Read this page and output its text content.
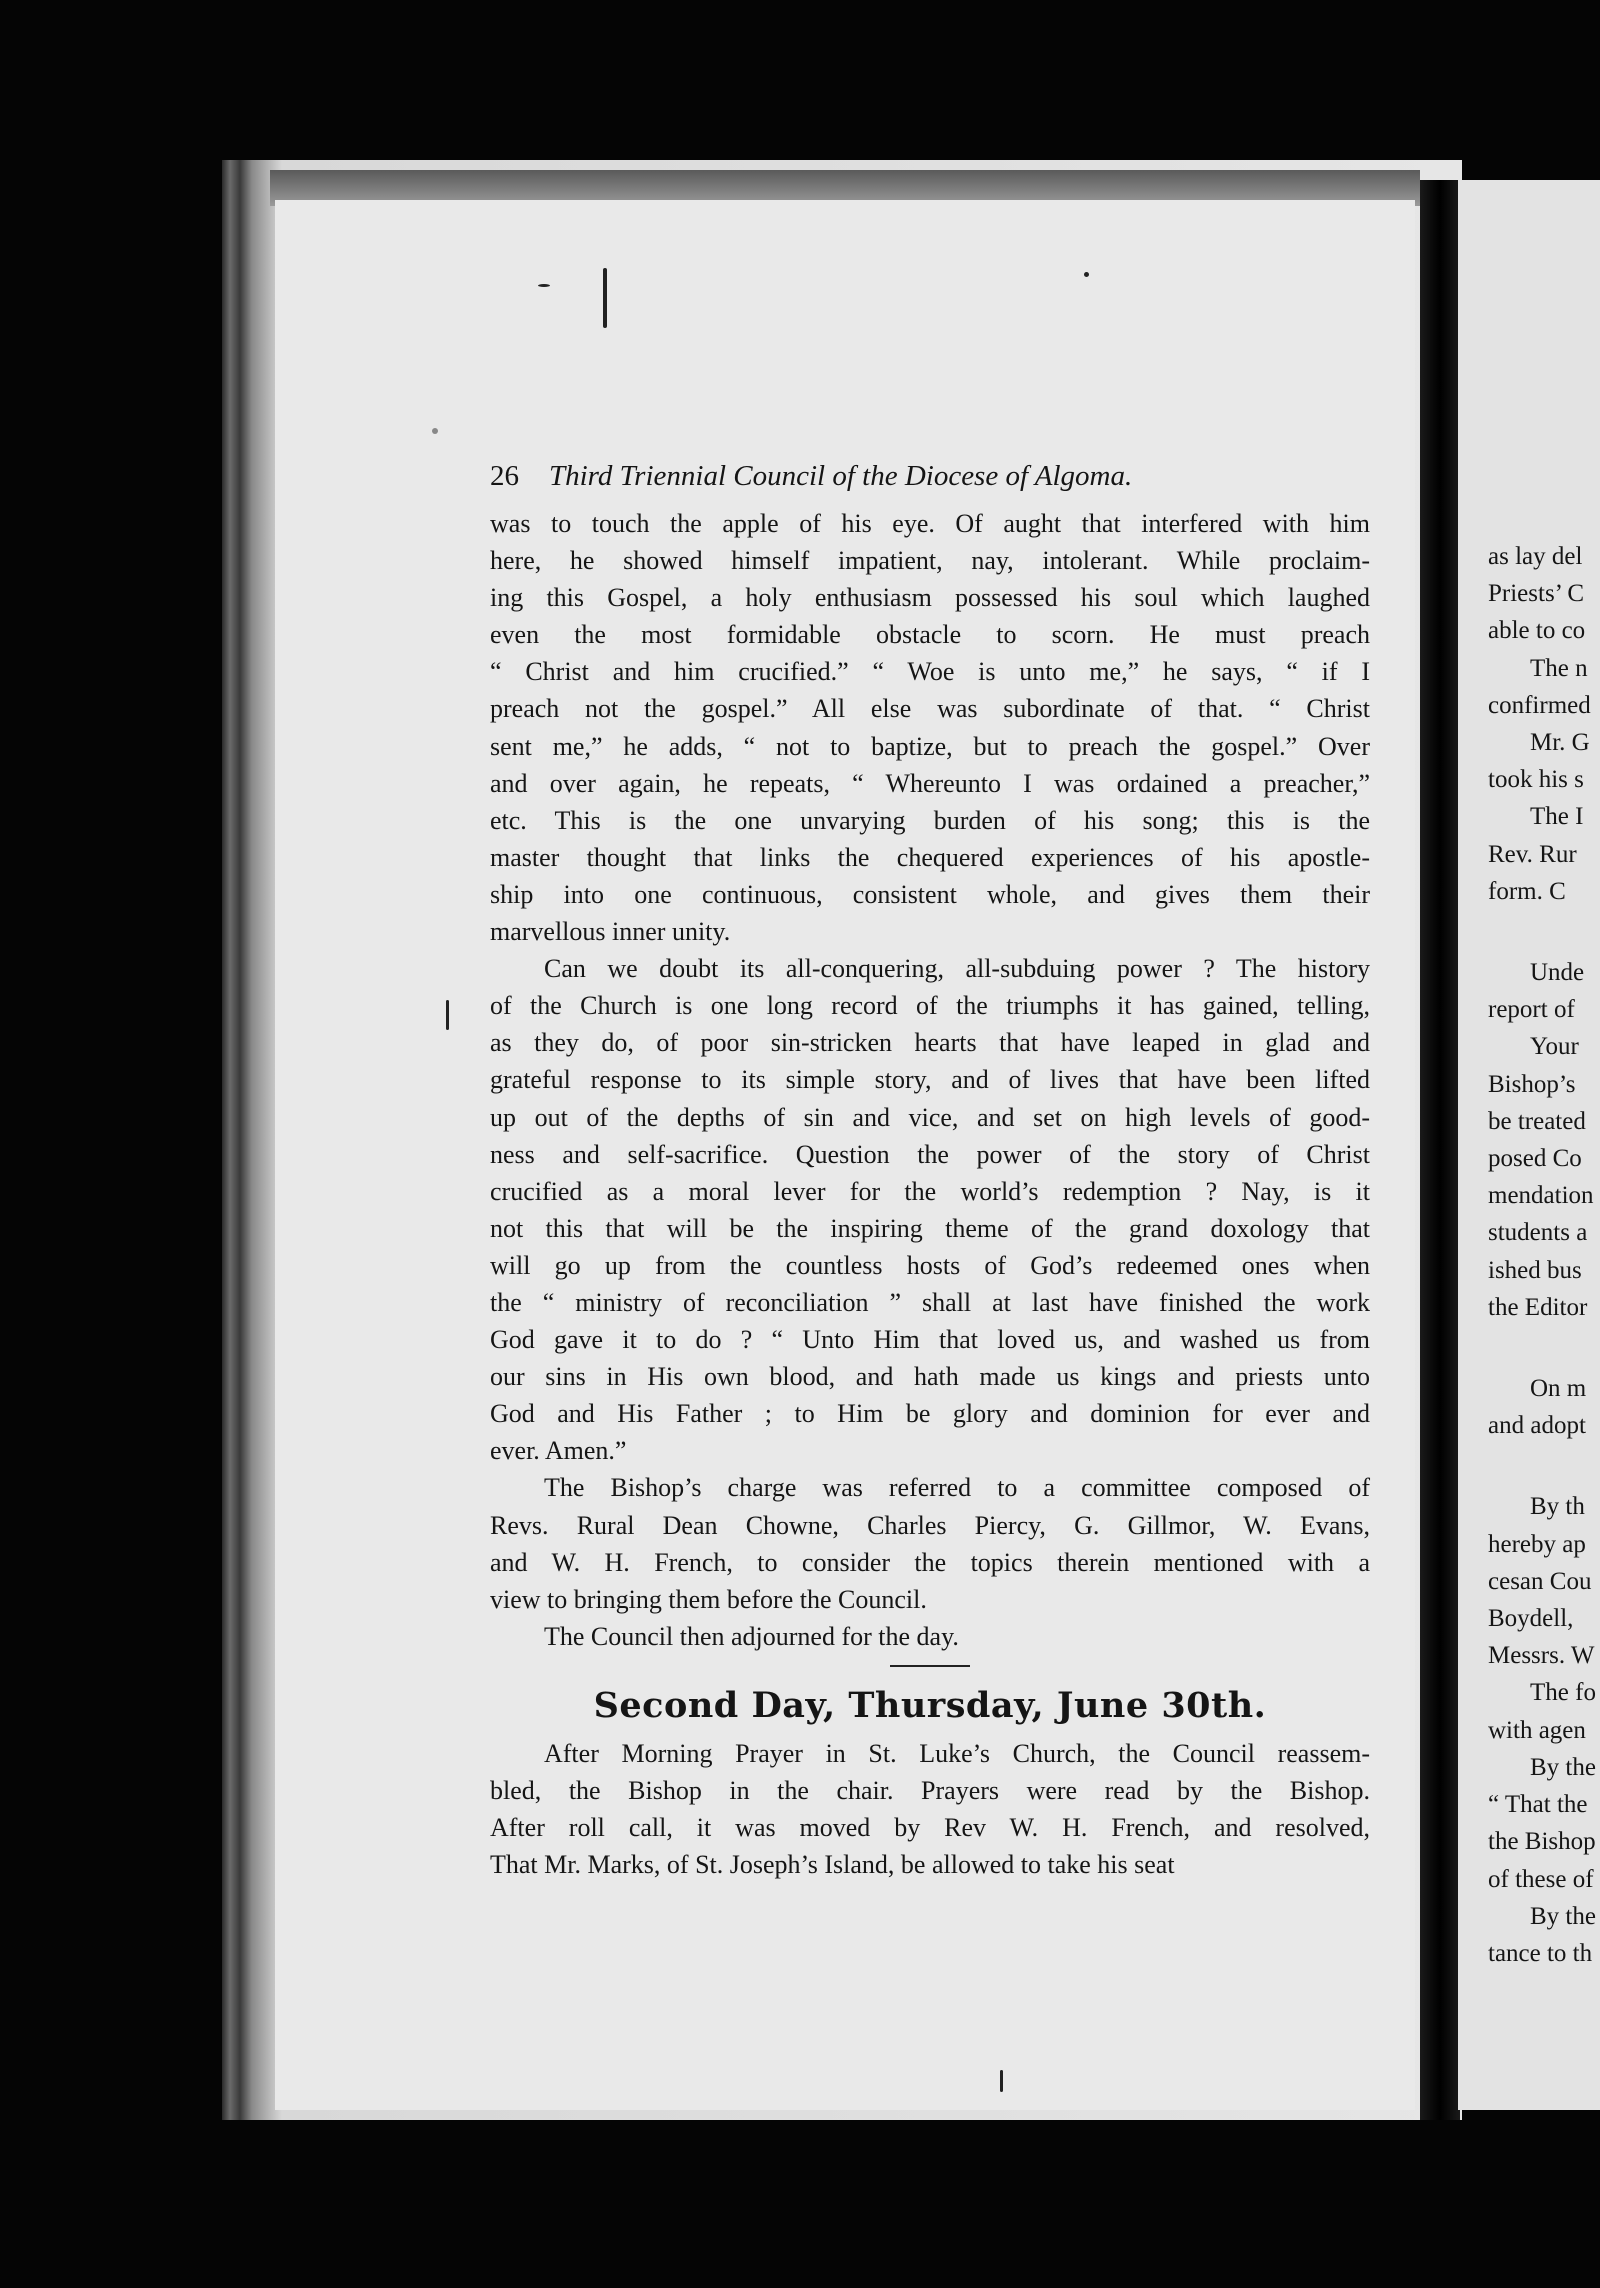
26 Third Triennial Council of the Diocese of Algoma.
was to touch the apple of his eye. Of aught that interfered with him
here, he showed himself impatient, nay, intolerant. While proclaim-
ing this Gospel, a holy enthusiasm possessed his soul which laughed
even the most formidable obstacle to scorn. He must preach
“ Christ and him crucified.” “ Woe is unto me,” he says, “ if I
preach not the gospel.” All else was subordinate of that. “ Christ
sent me,” he adds, “ not to baptize, but to preach the gospel.” Over
and over again, he repeats, “ Whereunto I was ordained a preacher,”
etc. This is the one unvarying burden of his song; this is the
master thought that links the chequered experiences of his apostle-
ship into one continuous, consistent whole, and gives them their
marvellous inner unity.
Can we doubt its all-conquering, all-subduing power ? The history
of the Church is one long record of the triumphs it has gained, telling,
as they do, of poor sin-stricken hearts that have leaped in glad and
grateful response to its simple story, and of lives that have been lifted
up out of the depths of sin and vice, and set on high levels of good-
ness and self-sacrifice. Question the power of the story of Christ
crucified as a moral lever for the world’s redemption ? Nay, is it
not this that will be the inspiring theme of the grand doxology that
will go up from the countless hosts of God’s redeemed ones when
the “ ministry of reconciliation ” shall at last have finished the work
God gave it to do ? “ Unto Him that loved us, and washed us from
our sins in His own blood, and hath made us kings and priests unto
God and His Father ; to Him be glory and dominion for ever and
ever. Amen.”
The Bishop’s charge was referred to a committee composed of
Revs. Rural Dean Chowne, Charles Piercy, G. Gillmor, W. Evans,
and W. H. French, to consider the topics therein mentioned with a
view to bringing them before the Council.
The Council then adjourned for the day.
Second Day, Thursday, June 30th.
After Morning Prayer in St. Luke’s Church, the Council reassem-
bled, the Bishop in the chair. Prayers were read by the Bishop.
After roll call, it was moved by Rev W. H. French, and resolved,
That Mr. Marks, of St. Joseph’s Island, be allowed to take his seat
as lay del
Priests’ C
able to co
The n
confirmed
Mr. G
took his s
The I
Rev. Rur
form. C
Unde
report of
Your
Bishop’s
be treated
posed Co
mendation
students a
ished bus
the Editor
On m
and adopt
By th
hereby ap
cesan Cou
Boydell,
Messrs. W
The fo
with agen
By the
“ That the
the Bishop
of these of
By the
tance to th
